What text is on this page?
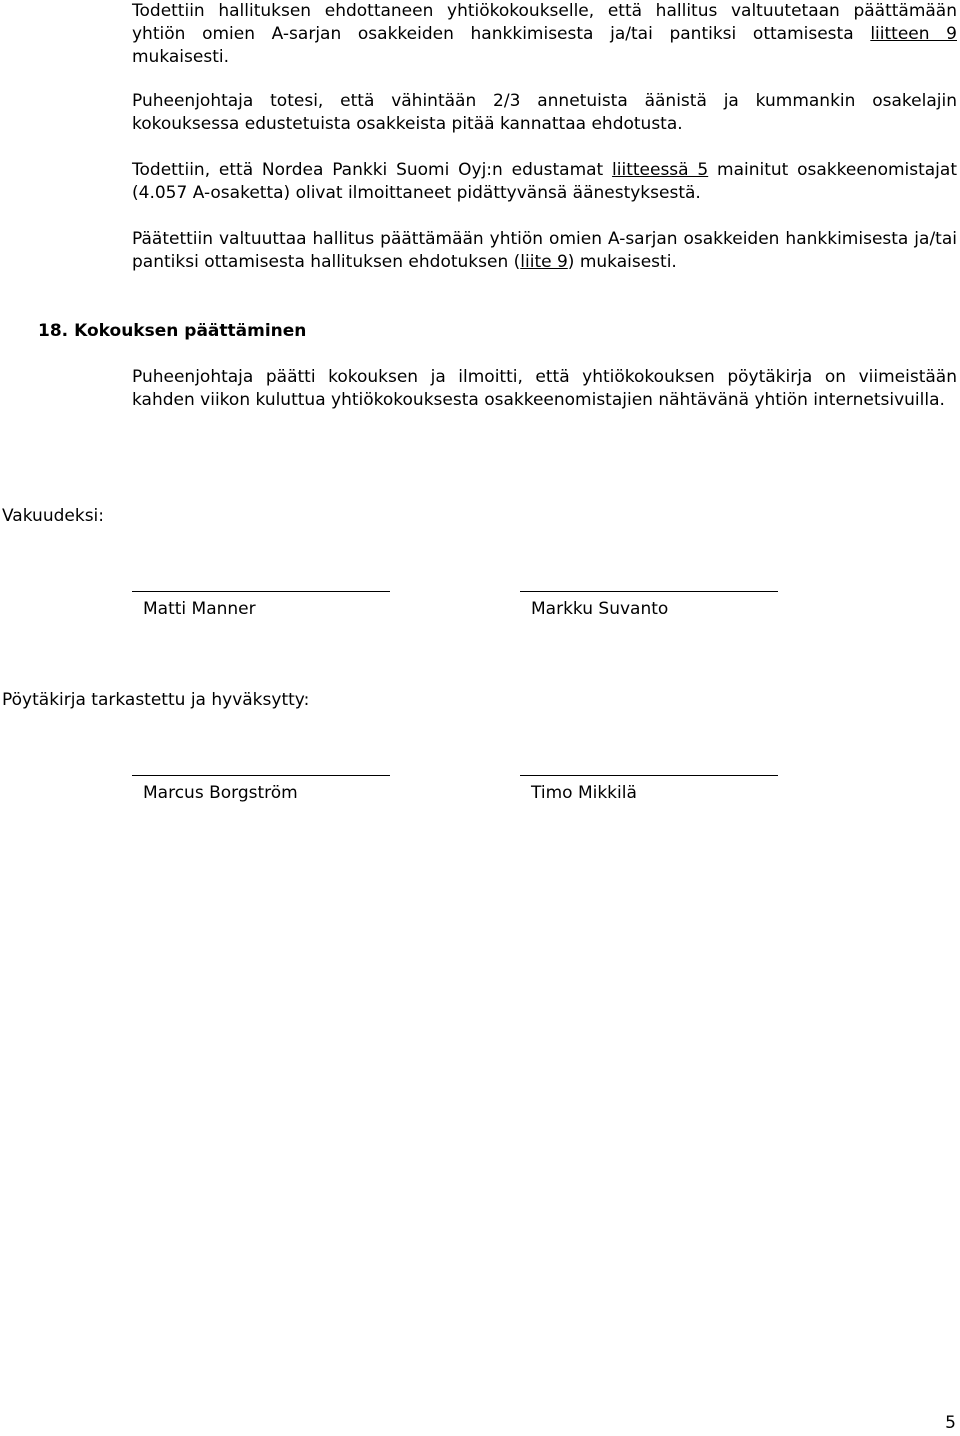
Todettiin hallituksen ehdottaneen yhtiökokoukselle, että hallitus valtuutetaan päättämään yhtiön omien A-sarjan osakkeiden hankkimisesta ja/tai pantiksi ottamisesta liitteen 9 mukaisesti.

Puheenjohtaja totesi, että vähintään 2/3 annetuista äänistä ja kummankin osakelajin kokouksessa edustetuista osakkeista pitää kannattaa ehdotusta.

Todettiin, että Nordea Pankki Suomi Oyj:n edustamat liitteessä 5 mainitut osakkeenomistajat (4.057 A-osaketta) olivat ilmoittaneet pidättyvänsä äänestyksestä.

Päätettiin valtuuttaa hallitus päättämään yhtiön omien A-sarjan osakkeiden hankkimisesta ja/tai pantiksi ottamisesta hallituksen ehdotuksen (liite 9) mukaisesti.

18. Kokouksen päättäminen

Puheenjohtaja päätti kokouksen ja ilmoitti, että yhtiökokouksen pöytäkirja on viimeistään kahden viikon kuluttua yhtiökokouksesta osakkeenomistajien nähtävänä yhtiön internetsivuilla.

Vakuudeksi:

Matti Manner	Markku Suvanto

Pöytäkirja tarkastettu ja hyväksytty:

Marcus Borgström	Timo Mikkilä
5
